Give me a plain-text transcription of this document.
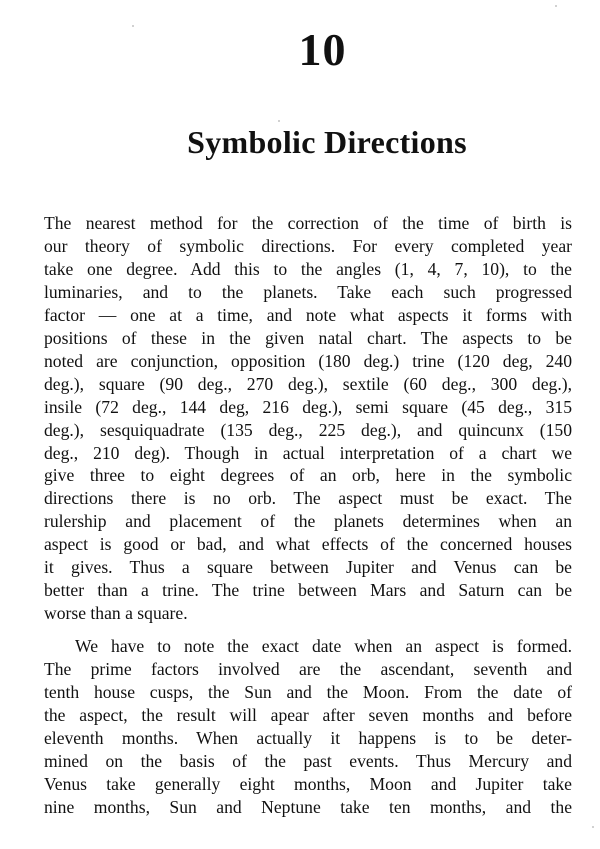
10
Symbolic Directions

The nearest method for the correction of the time of birth is
our theory of symbolic directions. For every completed year
take one degree. Add this to the angles (1, 4, 7, 10), to the
luminaries, and to the planets. Take each such progressed
factor — one at a time, and note what aspects it forms with
positions of these in the given natal chart. The aspects to be
noted are conjunction, opposition (180 deg.) trine (120 deg, 240
deg.), square (90 deg., 270 deg.), sextile (60 deg., 300 deg.),
insile (72 deg., 144 deg, 216 deg.), semi square (45 deg., 315
deg.), sesquiquadrate (135 deg., 225 deg.), and quincunx (150
deg., 210 deg). Though in actual interpretation of a chart we
give three to eight degrees of an orb, here in the symbolic
directions there is no orb. The aspect must be exact. The
rulership and placement of the planets determines when an
aspect is good or bad, and what effects of the concerned houses
it gives. Thus a square between Jupiter and Venus can be
better than a trine. The trine between Mars and Saturn can be
worse than a square.

We have to note the exact date when an aspect is formed.
The prime factors involved are the ascendant, seventh and
tenth house cusps, the Sun and the Moon. From the date of
the aspect, the result will apear after seven months and before
eleventh months. When actually it happens is to be deter-
mined on the basis of the past events. Thus Mercury and
Venus take generally eight months, Moon and Jupiter take
nine months, Sun and Neptune take ten months, and the
